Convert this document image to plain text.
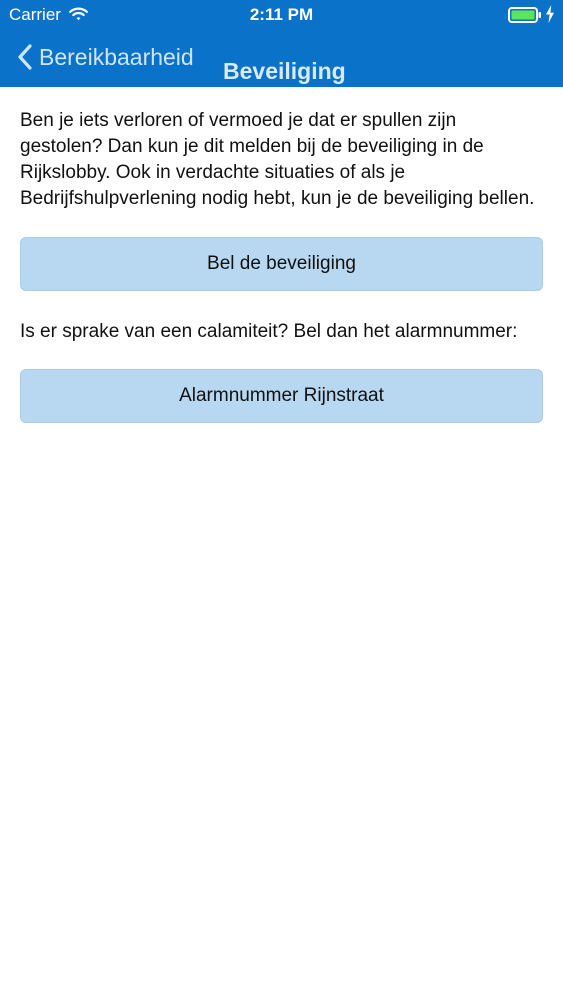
Carrier	2:11 PM
Bereikbaarheid
Beveiliging

Ben je iets verloren of vermoed je dat er spullen zijn gestolen? Dan kun je dit melden bij de beveiliging in de Rijkslobby. Ook in verdachte situaties of als je Bedrijfshulpverlening nodig hebt, kun je de beveiliging bellen.

Bel de beveiliging

Is er sprake van een calamiteit? Bel dan het alarmnummer:

Alarmnummer Rijnstraat
